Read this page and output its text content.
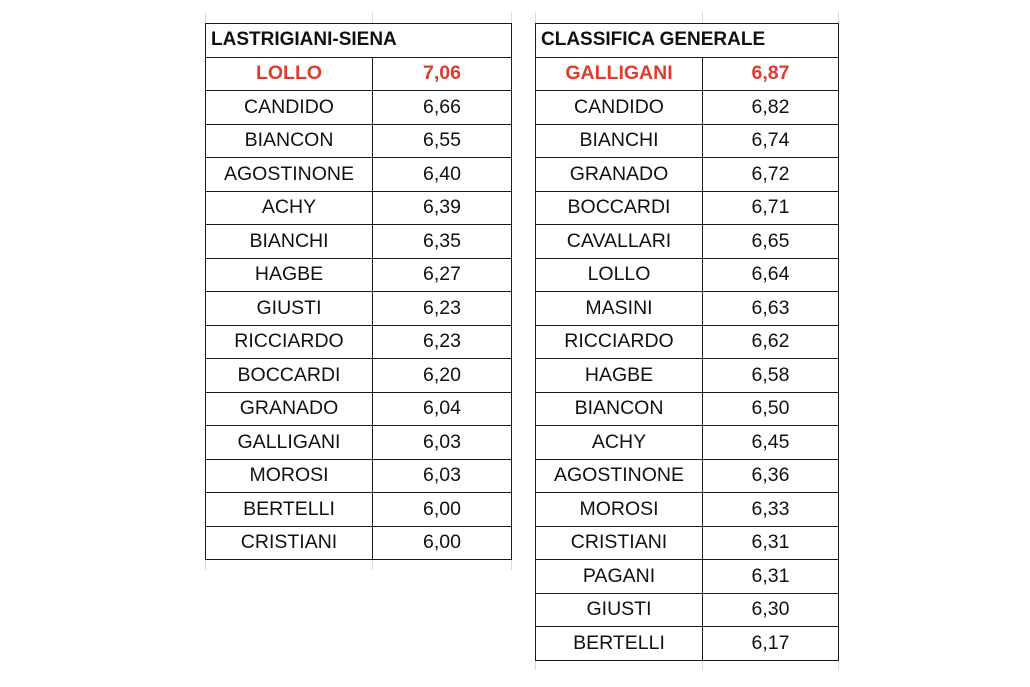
LASTRIGIANI-SIENA	
LOLLO	7,06
CANDIDO	6,66
BIANCON	6,55
AGOSTINONE	6,40
ACHY	6,39
BIANCHI	6,35
HAGBE	6,27
GIUSTI	6,23
RICCIARDO	6,23
BOCCARDI	6,20
GRANADO	6,04
GALLIGANI	6,03
MOROSI	6,03
BERTELLI	6,00
CRISTIANI	6,00
CLASSIFICA GENERALE	
GALLIGANI	6,87
CANDIDO	6,82
BIANCHI	6,74
GRANADO	6,72
BOCCARDI	6,71
CAVALLARI	6,65
LOLLO	6,64
MASINI	6,63
RICCIARDO	6,62
HAGBE	6,58
BIANCON	6,50
ACHY	6,45
AGOSTINONE	6,36
MOROSI	6,33
CRISTIANI	6,31
PAGANI	6,31
GIUSTI	6,30
BERTELLI	6,17
